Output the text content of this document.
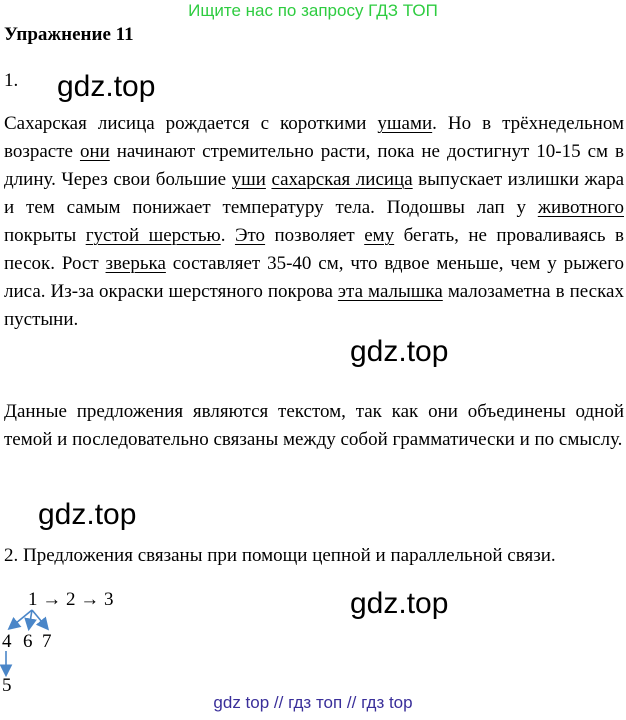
Ищите нас по запросу ГДЗ ТОП
Упражнение 11
1. gdz.top

Сахарская лисица рождается с короткими ушами. Но в трёхнедельном возрасте они начинают стремительно расти, пока не достигнут 10-15 см в длину. Через свои большие уши сахарская лисица выпускает излишки жара и тем самым понижает температуру тела. Подошвы лап у животного покрыты густой шерстью. Это позволяет ему бегать, не проваливаясь в песок. Рост зверька составляет 35-40 см, что вдвое меньше, чем у рыжего лиса. Из-за окраски шерстяного покрова эта малышка малозаметна в песках пустыни.

gdz.top

Данные предложения являются текстом, так как они объединены одной темой и последовательно связаны между собой грамматически и по смыслу.

gdz.top
2. Предложения связаны при помощи цепной и параллельной связи.
gdz.top
1 → 2 → 3
4 6 7
5
gdz top // гдз топ // гдз top
